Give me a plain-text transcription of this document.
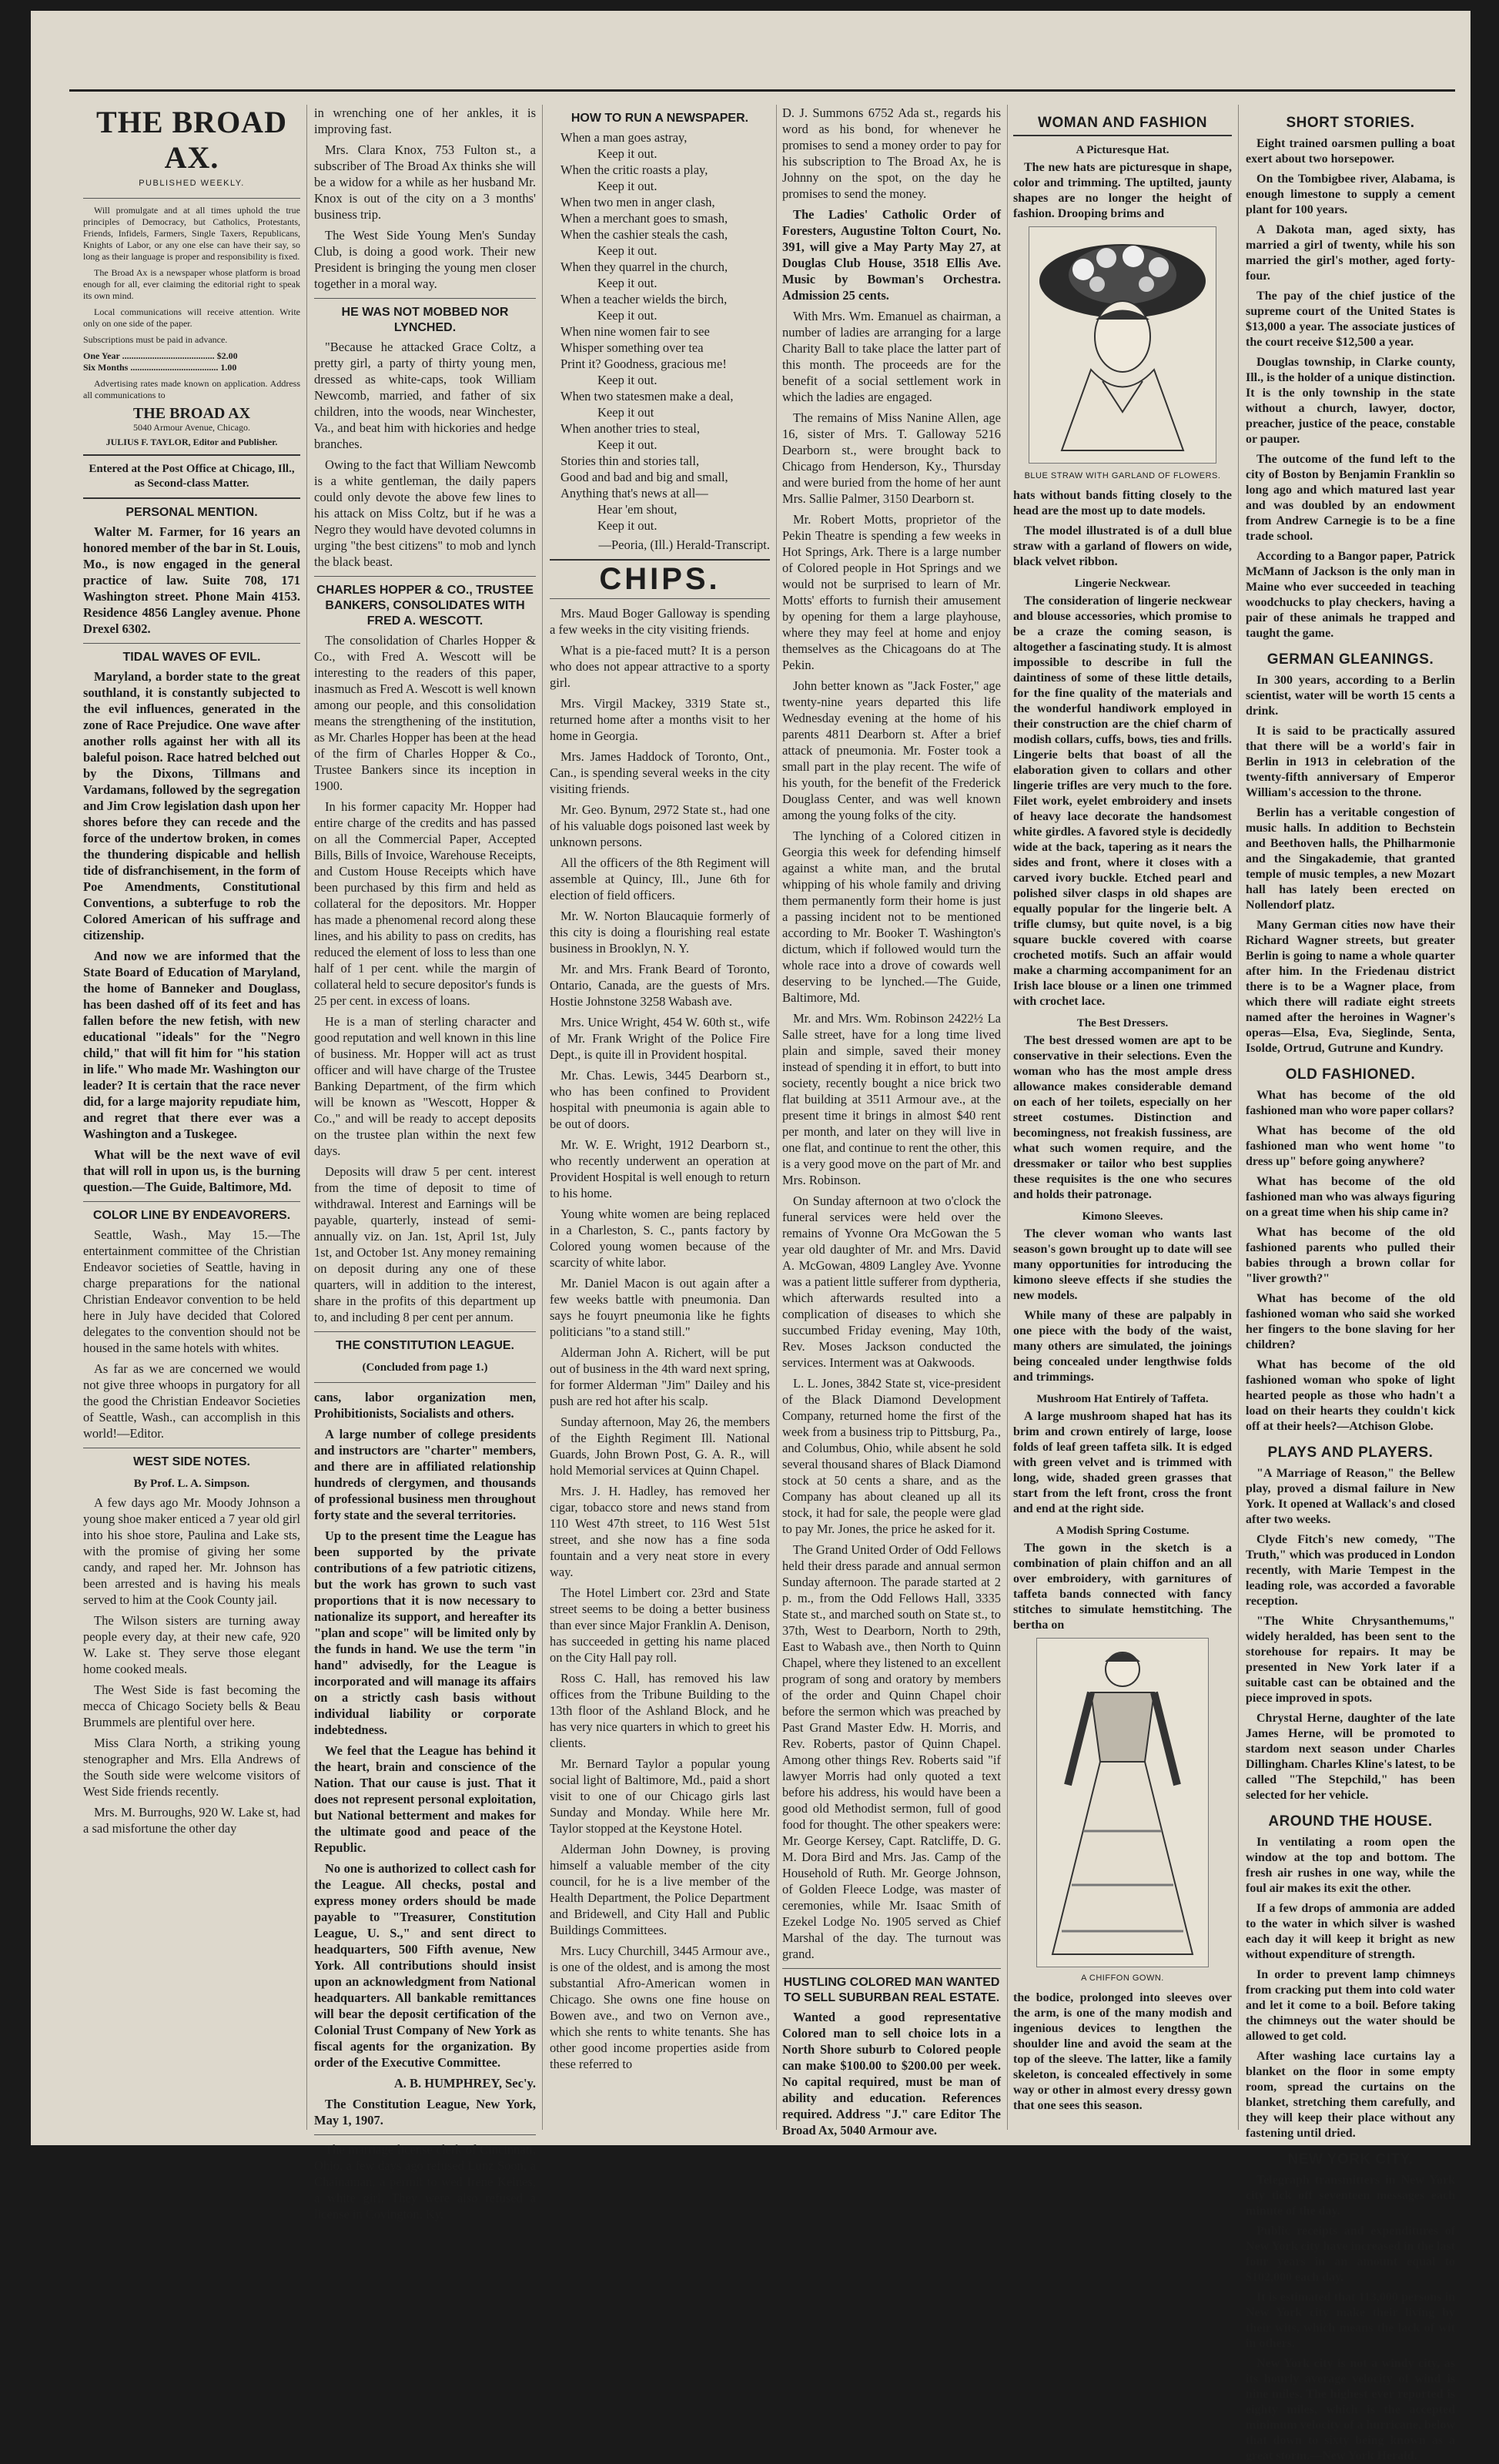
THE BROAD AX.
PUBLISHED WEEKLY.

Will promulgate and at all times uphold the true principles of Democracy, but Catholics, Protestants, Friends, Infidels, Farmers, Single Taxers, Republicans, Knights of Labor, or any one else can have their say, so long as their language is proper and responsibility is fixed.

The Broad Ax is a newspaper whose platform is broad enough for all, ever claiming the editorial right to speak its own mind.

Local communications will receive attention. Write only on one side of the paper.

Subscriptions must be paid in advance.

One Year ........................................ $2.00

Six Months ...................................... 1.00

Advertising rates made known on application. Address all communications to

THE BROAD AX
5040 Armour Avenue, Chicago.
JULIUS F. TAYLOR, Editor and Publisher.
Entered at the Post Office at Chicago, Ill., as Second-class Matter.
PERSONAL MENTION.

Walter M. Farmer, for 16 years an honored member of the bar in St. Louis, Mo., is now engaged in the general practice of law. Suite 708, 171 Washington street. Phone Main 4153. Residence 4856 Langley avenue. Phone Drexel 6302.

TIDAL WAVES OF EVIL.

Maryland, a border state to the great southland, it is constantly subjected to the evil influences, generated in the zone of Race Prejudice. One wave after another rolls against her with all its baleful poison. Race hatred belched out by the Dixons, Tillmans and Vardamans, followed by the segregation and Jim Crow legislation dash upon her shores before they can recede and the force of the undertow broken, in comes the thundering dispicable and hellish tide of disfranchisement, in the form of Poe Amendments, Constitutional Conventions, a subterfuge to rob the Colored American of his suffrage and citizenship.

And now we are informed that the State Board of Education of Maryland, the home of Banneker and Douglass, has been dashed off of its feet and has fallen before the new fetish, with new educational "ideals" for the "Negro child," that will fit him for "his station in life." Who made Mr. Washington our leader? It is certain that the race never did, for a large majority repudiate him, and regret that there ever was a Washington and a Tuskegee.

What will be the next wave of evil that will roll in upon us, is the burning question.—The Guide, Baltimore, Md.

COLOR LINE BY ENDEAVORERS.

Seattle, Wash., May 15.—The entertainment committee of the Christian Endeavor societies of Seattle, having in charge preparations for the national Christian Endeavor convention to be held here in July have decided that Colored delegates to the convention should not be housed in the same hotels with whites.

As far as we are concerned we would not give three whoops in purgatory for all the good the Christian Endeavor Societies of Seattle, Wash., can accomplish in this world!—Editor.

WEST SIDE NOTES.
By Prof. L. A. Simpson.

A few days ago Mr. Moody Johnson a young shoe maker enticed a 7 year old girl into his shoe store, Paulina and Lake sts, with the promise of giving her some candy, and raped her. Mr. Johnson has been arrested and is having his meals served to him at the Cook County jail.

The Wilson sisters are turning away people every day, at their new cafe, 920 W. Lake st. They serve those elegant home cooked meals.

The West Side is fast becoming the mecca of Chicago Society bells & Beau Brummels are plentiful over here.

Miss Clara North, a striking young stenographer and Mrs. Ella Andrews of the South side were welcome visitors of West Side friends recently.

Mrs. M. Burroughs, 920 W. Lake st, had a sad misfortune the other day

in wrenching one of her ankles, it is improving fast.

Mrs. Clara Knox, 753 Fulton st., a subscriber of The Broad Ax thinks she will be a widow for a while as her husband Mr. Knox is out of the city on a 3 months' business trip.

The West Side Young Men's Sunday Club, is doing a good work. Their new President is bringing the young men closer together in a moral way.

HE WAS NOT MOBBED NOR LYNCHED.

"Because he attacked Grace Coltz, a pretty girl, a party of thirty young men, dressed as white-caps, took William Newcomb, married, and father of six children, into the woods, near Winchester, Va., and beat him with hickories and hedge branches.

Owing to the fact that William Newcomb is a white gentleman, the daily papers could only devote the above few lines to his attack on Miss Coltz, but if he was a Negro they would have devoted columns in urging "the best citizens" to mob and lynch the black beast.

CHARLES HOPPER & CO., TRUSTEE BANKERS, CONSOLIDATES WITH FRED A. WESCOTT.

The consolidation of Charles Hopper & Co., with Fred A. Wescott will be interesting to the readers of this paper, inasmuch as Fred A. Wescott is well known among our people, and this consolidation means the strengthening of the institution, as Mr. Charles Hopper has been at the head of the firm of Charles Hopper & Co., Trustee Bankers since its inception in 1900.

In his former capacity Mr. Hopper had entire charge of the credits and has passed on all the Commercial Paper, Accepted Bills, Bills of Invoice, Warehouse Receipts, and Custom House Receipts which have been purchased by this firm and held as collateral for the depositors. Mr. Hopper has made a phenomenal record along these lines, and his ability to pass on credits, has reduced the element of loss to less than one half of 1 per cent. while the margin of collateral held to secure depositor's funds is 25 per cent. in excess of loans.

He is a man of sterling character and good reputation and well known in this line of business. Mr. Hopper will act as trust officer and will have charge of the Trustee Banking Department, of the firm which will be known as "Wescott, Hopper & Co.," and will be ready to accept deposits on the trustee plan within the next few days.

Deposits will draw 5 per cent. interest from the time of deposit to time of withdrawal. Interest and Earnings will be payable, quarterly, instead of semi-annually viz. on Jan. 1st, April 1st, July 1st, and October 1st. Any money remaining on deposit during any one of these quarters, will in addition to the interest, share in the profits of this department up to, and including 8 per cent per annum.

THE CONSTITUTION LEAGUE.
(Concluded from page 1.)

cans, labor organization men, Prohibitionists, Socialists and others.

A large number of college presidents and instructors are "charter" members, and there are in affiliated relationship hundreds of clergymen, and thousands of professional business men throughout forty state and the several territories.

Up to the present time the League has been supported by the private contributions of a few patriotic citizens, but the work has grown to such vast proportions that it is now necessary to nationalize its support, and hereafter its "plan and scope" will be limited only by the funds in hand. We use the term "in hand" advisedly, for the League is incorporated and will manage its affairs on a strictly cash basis without individual liability or corporate indebtedness.

We feel that the League has behind it the heart, brain and conscience of the Nation. That our cause is just. That it does not represent personal exploitation, but National betterment and makes for the ultimate good and peace of the Republic.

No one is authorized to collect cash for the League. All checks, postal and express money orders should be made payable to "Treasurer, Constitution League, U. S.," and sent direct to headquarters, 500 Fifth avenue, New York. All contributions should insist upon an acknowledgment from National headquarters. All bankable remittances will bear the deposit certification of the Colonial Trust Company of New York as fiscal agents for the organization. By order of the Executive Committee.

A. B. HUMPHREY, Sec'y.

The Constitution League, New York, May 1, 1907.

The marriage license clerk of Cincinnati, Ohio, a few days ago refused Lunz Soon, a Chainaman, a permit to wed Irene Keines, a white girl. They were also refused a license in Covington, Ky.

HOW TO RUN A NEWSPAPER.

When a man goes astray,

Keep it out.

When the critic roasts a play,

Keep it out.

When two men in anger clash,

When a merchant goes to smash,

When the cashier steals the cash,

Keep it out.

When they quarrel in the church,

Keep it out.

When a teacher wields the birch,

Keep it out.

When nine women fair to see

Whisper something over tea

Print it? Goodness, gracious me!

Keep it out.

When two statesmen make a deal,

Keep it out

When another tries to steal,

Keep it out.

Stories thin and stories tall,

Good and bad and big and small,

Anything that's news at all—

Hear 'em shout,

Keep it out.

—Peoria, (Ill.) Herald-Transcript.

CHIPS.

Mrs. Maud Boger Galloway is spending a few weeks in the city visiting friends.

What is a pie-faced mutt? It is a person who does not appear attractive to a sporty girl.

Mrs. Virgil Mackey, 3319 State st., returned home after a months visit to her home in Georgia.

Mrs. James Haddock of Toronto, Ont., Can., is spending several weeks in the city visiting friends.

Mr. Geo. Bynum, 2972 State st., had one of his valuable dogs poisoned last week by unknown persons.

All the officers of the 8th Regiment will assemble at Quincy, Ill., June 6th for election of field officers.

Mr. W. Norton Blaucaquie formerly of this city is doing a flourishing real estate business in Brooklyn, N. Y.

Mr. and Mrs. Frank Beard of Toronto, Ontario, Canada, are the guests of Mrs. Hostie Johnstone 3258 Wabash ave.

Mrs. Unice Wright, 454 W. 60th st., wife of Mr. Frank Wright of the Police Fire Dept., is quite ill in Provident hospital.

Mr. Chas. Lewis, 3445 Dearborn st., who has been confined to Provident hospital with pneumonia is again able to be out of doors.

Mr. W. E. Wright, 1912 Dearborn st., who recently underwent an operation at Provident Hospital is well enough to return to his home.

Young white women are being replaced in a Charleston, S. C., pants factory by Colored young women because of the scarcity of white labor.

Mr. Daniel Macon is out again after a few weeks battle with pneumonia. Dan says he fouyrt pneumonia like he fights politicians "to a stand still."

Alderman John A. Richert, will be put out of business in the 4th ward next spring, for former Alderman "Jim" Dailey and his push are red hot after his scalp.

Sunday afternoon, May 26, the members of the Eighth Regiment Ill. National Guards, John Brown Post, G. A. R., will hold Memorial services at Quinn Chapel.

Mrs. J. H. Hadley, has removed her cigar, tobacco store and news stand from 110 West 47th street, to 116 West 51st street, and she now has a fine soda fountain and a very neat store in every way.

The Hotel Limbert cor. 23rd and State street seems to be doing a better business than ever since Major Franklin A. Denison, has succeeded in getting his name placed on the City Hall pay roll.

Ross C. Hall, has removed his law offices from the Tribune Building to the 13th floor of the Ashland Block, and he has very nice quarters in which to greet his clients.

Mr. Bernard Taylor a popular young social light of Baltimore, Md., paid a short visit to one of our Chicago girls last Sunday and Monday. While here Mr. Taylor stopped at the Keystone Hotel.

Alderman John Downey, is proving himself a valuable member of the city council, for he is a live member of the Health Department, the Police Department and Bridewell, and City Hall and Public Buildings Committees.

Mrs. Lucy Churchill, 3445 Armour ave., is one of the oldest, and is among the most substantial Afro-American women in Chicago. She owns one fine house on Bowen ave., and two on Vernon ave., which she rents to white tenants. She has other good income properties aside from these referred to

D. J. Summons 6752 Ada st., regards his word as his bond, for whenever he promises to send a money order to pay for his subscription to The Broad Ax, he is Johnny on the spot, on the day he promises to send the money.

The Ladies' Catholic Order of Foresters, Augustine Tolton Court, No. 391, will give a May Party May 27, at Douglas Club House, 3518 Ellis Ave. Music by Bowman's Orchestra. Admission 25 cents.

With Mrs. Wm. Emanuel as chairman, a number of ladies are arranging for a large Charity Ball to take place the latter part of this month. The proceeds are for the benefit of a social settlement work in which the ladies are engaged.

The remains of Miss Nanine Allen, age 16, sister of Mrs. T. Galloway 5216 Dearborn st., were brought back to Chicago from Henderson, Ky., Thursday and were buried from the home of her aunt Mrs. Sallie Palmer, 3150 Dearborn st.

Mr. Robert Motts, proprietor of the Pekin Theatre is spending a few weeks in Hot Springs, Ark. There is a large number of Colored people in Hot Springs and we would not be surprised to learn of Mr. Motts' efforts to furnish their amusement by opening for them a large playhouse, where they may feel at home and enjoy themselves as the Chicagoans do at The Pekin.

John better known as "Jack Foster," age twenty-nine years departed this life Wednesday evening at the home of his parents 4811 Dearborn st. After a brief attack of pneumonia. Mr. Foster took a small part in the play recent. The wife of his youth, for the benefit of the Frederick Douglass Center, and was well known among the young folks of the city.

The lynching of a Colored citizen in Georgia this week for defending himself against a white man, and the brutal whipping of his whole family and driving them permanently form their home is just a passing incident not to be mentioned according to Mr. Booker T. Washington's dictum, which if followed would turn the whole race into a drove of cowards well deserving to be lynched.—The Guide, Baltimore, Md.

Mr. and Mrs. Wm. Robinson 2422½ La Salle street, have for a long time lived plain and simple, saved their money instead of spending it in effort, to butt into society, recently bought a nice brick two flat building at 3511 Armour ave., at the present time it brings in almost $40 rent per month, and later on they will live in one flat, and continue to rent the other, this is a very good move on the part of Mr. and Mrs. Robinson.

On Sunday afternoon at two o'clock the funeral services were held over the remains of Yvonne Ora McGowan the 5 year old daughter of Mr. and Mrs. David A. McGowan, 4809 Langley Ave. Yvonne was a patient little sufferer from dyptheria, which afterwards resulted into a complication of diseases to which she succumbed Friday evening, May 10th, Rev. Moses Jackson conducted the services. Interment was at Oakwoods.

L. L. Jones, 3842 State st, vice-president of the Black Diamond Development Company, returned home the first of the week from a business trip to Pittsburg, Pa., and Columbus, Ohio, while absent he sold several thousand shares of Black Diamond stock at 50 cents a share, and as the Company has about cleaned up all its stock, it had for sale, the people were glad to pay Mr. Jones, the price he asked for it.

The Grand United Order of Odd Fellows held their dress parade and annual sermon Sunday afternoon. The parade started at 2 p. m., from the Odd Fellows Hall, 3335 State st., and marched south on State st., to 37th, West to Dearborn, North to 29th, East to Wabash ave., then North to Quinn Chapel, where they listened to an excellent program of song and oratory by members of the order and Quinn Chapel choir before the sermon which was preached by Past Grand Master Edw. H. Morris, and Rev. Roberts, pastor of Quinn Chapel. Among other things Rev. Roberts said "if lawyer Morris had only quoted a text before his address, his would have been a good old Methodist sermon, full of good food for thought. The other speakers were: Mr. George Kersey, Capt. Ratcliffe, D. G. M. Dora Bird and Mrs. Jas. Camp of the Household of Ruth. Mr. George Johnson, of Golden Fleece Lodge, was master of ceremonies, while Mr. Isaac Smith of Ezekel Lodge No. 1905 served as Chief Marshal of the day. The turnout was grand.

HUSTLING COLORED MAN WANTED TO SELL SUBURBAN REAL ESTATE.

Wanted a good representative Colored man to sell choice lots in a North Shore suburb to Colored people can make $100.00 to $200.00 per week. No capital required, must be man of ability and education. References required. Address "J." care Editor The Broad Ax, 5040 Armour ave.

WOMAN AND FASHION
A Picturesque Hat.

The new hats are picturesque in shape, color and trimming. The uptilted, jaunty shapes are no longer the height of fashion. Drooping brims and

BLUE STRAW WITH GARLAND OF FLOWERS.

hats without bands fitting closely to the head are the most up to date models.

The model illustrated is of a dull blue straw with a garland of flowers on wide, black velvet ribbon.

Lingerie Neckwear.

The consideration of lingerie neckwear and blouse accessories, which promise to be a craze the coming season, is altogether a fascinating study. It is almost impossible to describe in full the daintiness of some of these little details, for the fine quality of the materials and the wonderful handiwork employed in their construction are the chief charm of modish collars, cuffs, bows, ties and frills. Lingerie belts that boast of all the elaboration given to collars and other lingerie trifles are very much to the fore. Filet work, eyelet embroidery and insets of heavy lace decorate the handsomest white girdles. A favored style is decidedly wide at the back, tapering as it nears the sides and front, where it closes with a carved ivory buckle. Etched pearl and polished silver clasps in old shapes are equally popular for the lingerie belt. A trifle clumsy, but quite novel, is a big square buckle covered with coarse crocheted motifs. Such an affair would make a charming accompaniment for an Irish lace blouse or a linen one trimmed with crochet lace.

The Best Dressers.

The best dressed women are apt to be conservative in their selections. Even the woman who has the most ample dress allowance makes considerable demand on each of her toilets, especially on her street costumes. Distinction and becomingness, not freakish fussiness, are what such women require, and the dressmaker or tailor who best supplies these requisites is the one who secures and holds their patronage.

Kimono Sleeves.

The clever woman who wants last season's gown brought up to date will see many opportunities for introducing the kimono sleeve effects if she studies the new models.

While many of these are palpably in one piece with the body of the waist, many others are simulated, the joinings being concealed under lengthwise folds and trimmings.

Mushroom Hat Entirely of Taffeta.

A large mushroom shaped hat has its brim and crown entirely of large, loose folds of leaf green taffeta silk. It is edged with green velvet and is trimmed with long, wide, shaded green grasses that start from the left front, cross the front and end at the right side.

A Modish Spring Costume.

The gown in the sketch is a combination of plain chiffon and an all over embroidery, with garnitures of taffeta bands connected with fancy stitches to simulate hemstitching. The bertha on

A CHIFFON GOWN.

the bodice, prolonged into sleeves over the arm, is one of the many modish and ingenious devices to lengthen the shoulder line and avoid the seam at the top of the sleeve. The latter, like a family skeleton, is concealed effectively in some way or other in almost every dressy gown that one sees this season.

SHORT STORIES.

Eight trained oarsmen pulling a boat exert about two horsepower.

On the Tombigbee river, Alabama, is enough limestone to supply a cement plant for 100 years.

A Dakota man, aged sixty, has married a girl of twenty, while his son married the girl's mother, aged forty-four.

The pay of the chief justice of the supreme court of the United States is $13,000 a year. The associate justices of the court receive $12,500 a year.

Douglas township, in Clarke county, Ill., is the holder of a unique distinction. It is the only township in the state without a church, lawyer, doctor, preacher, justice of the peace, constable or pauper.

The outcome of the fund left to the city of Boston by Benjamin Franklin so long ago and which matured last year and was doubled by an endowment from Andrew Carnegie is to be a fine trade school.

According to a Bangor paper, Patrick McMann of Jackson is the only man in Maine who ever succeeded in teaching woodchucks to play checkers, having a pair of these animals he trapped and taught the game.

GERMAN GLEANINGS.

In 300 years, according to a Berlin scientist, water will be worth 15 cents a drink.

It is said to be practically assured that there will be a world's fair in Berlin in 1913 in celebration of the twenty-fifth anniversary of Emperor William's accession to the throne.

Berlin has a veritable congestion of music halls. In addition to Bechstein and Beethoven halls, the Philharmonie and the Singakademie, that granted temple of music temples, a new Mozart hall has lately been erected on Nollendorf platz.

Many German cities now have their Richard Wagner streets, but greater Berlin is going to name a whole quarter after him. In the Friedenau district there is to be a Wagner place, from which there will radiate eight streets named after the heroines in Wagner's operas—Elsa, Eva, Sieglinde, Senta, Isolde, Ortrud, Gutrune and Kundry.

OLD FASHIONED.

What has become of the old fashioned man who wore paper collars?

What has become of the old fashioned man who went home "to dress up" before going anywhere?

What has become of the old fashioned man who was always figuring on a great time when his ship came in?

What has become of the old fashioned parents who pulled their babies through a brown collar for "liver growth?"

What has become of the old fashioned woman who said she worked her fingers to the bone slaving for her children?

What has become of the old fashioned woman who spoke of light hearted people as those who hadn't a load on their hearts they couldn't kick off at their heels?—Atchison Globe.

PLAYS AND PLAYERS.

"A Marriage of Reason," the Bellew play, proved a dismal failure in New York. It opened at Wallack's and closed after two weeks.

Clyde Fitch's new comedy, "The Truth," which was produced in London recently, with Marie Tempest in the leading role, was accorded a favorable reception.

"The White Chrysanthemums," widely heralded, has been sent to the storehouse for repairs. It may be presented in New York later if a suitable cast can be obtained and the piece improved in spots.

Chrystal Herne, daughter of the late James Herne, will be promoted to stardom next season under Charles Dillingham. Charles Kline's latest, to be called "The Stepchild," has been selected for her vehicle.

AROUND THE HOUSE.

In ventilating a room open the window at the top and bottom. The fresh air rushes in one way, while the foul air makes its exit the other.

If a few drops of ammonia are added to the water in which silver is washed each day it will keep it bright as new without expenditure of strength.

In order to prevent lamp chimneys from cracking put them into cold water and let it come to a boil. Before taking the chimneys out the water should be allowed to get cold.

After washing lace curtains lay a blanket on the floor in some empty room, spread the curtains on the blanket, stretching them carefully, and they will keep their place without any fastening until dried.

NEW YORK CITY.

Telegraph transmitters in New York city tick off seventeen messages each minute of the day.

Public receipts and expenditures of New York city have increased in the last four years in an amount equal to $102,000 each day.

It is estimated that 113,000 persons in New York city make their living by their wits, which means the lack of wit in others.

New York city is not a windy city, as its hourly average velocity of wind is nine miles. The highest ever reported is eighty miles, which is the accepted minimum velocity of a hurricane, below that down to sixty being known as a great storm.—New York Herald.
